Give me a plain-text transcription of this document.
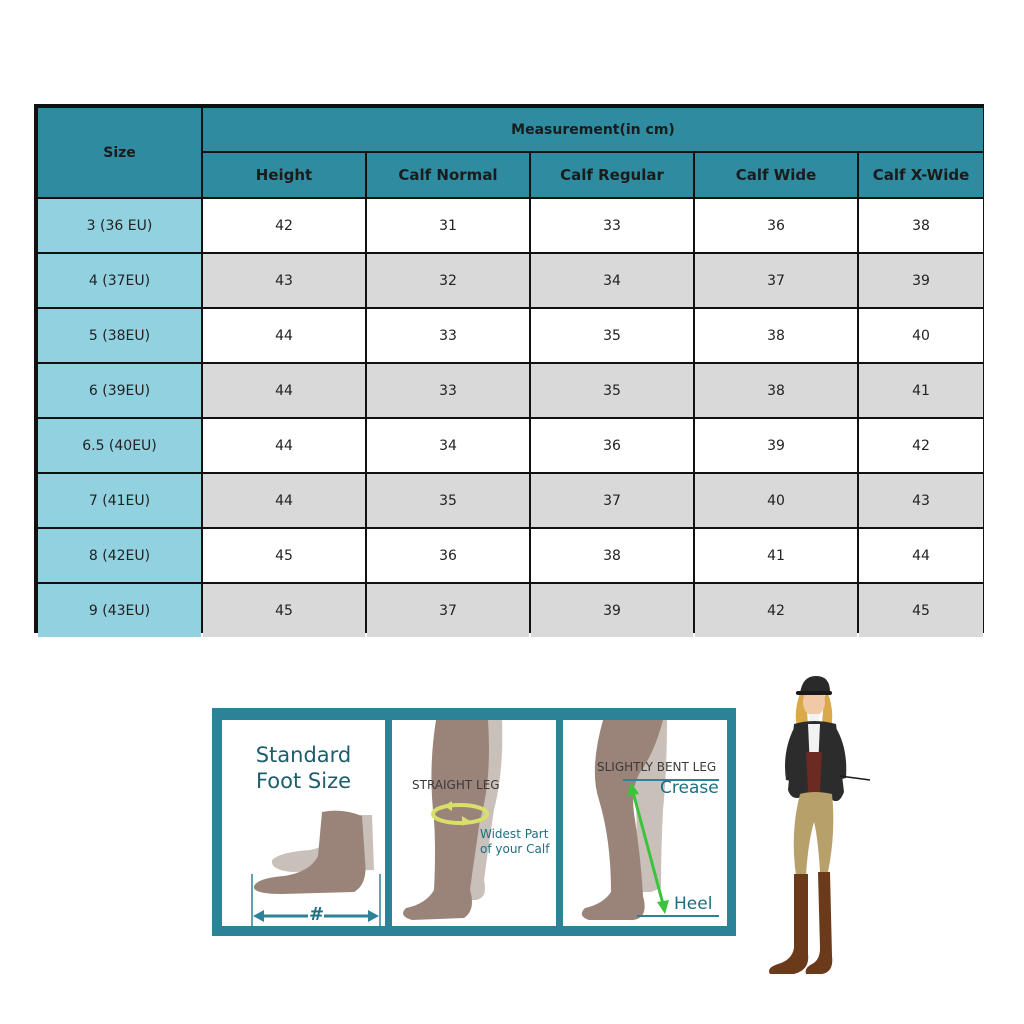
Size
Measurement(in cm)
Height	Calf Normal	Calf Regular	Calf Wide	Calf X-Wide
3 (36 EU)	42	31	33	36	38
4 (37EU)	43	32	34	37	39
5 (38EU)	44	33	35	38	40
6 (39EU)	44	33	35	38	41
6.5 (40EU)	44	34	36	39	42
7 (41EU)	44	35	37	40	43
8 (42EU)	45	36	38	41	44
9 (43EU)	45	37	39	42	45
Standard
Foot Size
#
STRAIGHT LEG
Widest Part
of your Calf
SLIGHTLY BENT LEG
Crease
Heel
